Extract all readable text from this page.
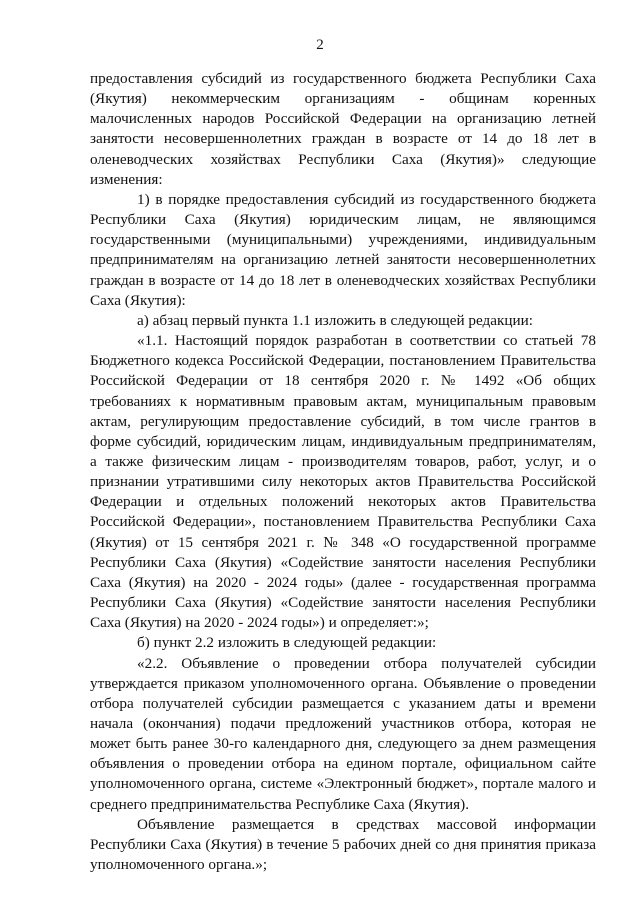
2

предоставления субсидий из государственного бюджета Республики Саха (Якутия) некоммерческим организациям - общинам коренных малочисленных народов Российской Федерации на организацию летней занятости несовершеннолетних граждан в возрасте от 14 до 18 лет в оленеводческих хозяйствах Республики Саха (Якутия)» следующие изменения:

1) в порядке предоставления субсидий из государственного бюджета Республики Саха (Якутия) юридическим лицам, не являющимся государственными (муниципальными) учреждениями, индивидуальным предпринимателям на организацию летней занятости несовершеннолетних граждан в возрасте от 14 до 18 лет в оленеводческих хозяйствах Республики Саха (Якутия):

а) абзац первый пункта 1.1 изложить в следующей редакции:

«1.1. Настоящий порядок разработан в соответствии со статьей 78 Бюджетного кодекса Российской Федерации, постановлением Правительства Российской Федерации от 18 сентября 2020 г. № 1492 «Об общих требованиях к нормативным правовым актам, муниципальным правовым актам, регулирующим предоставление субсидий, в том числе грантов в форме субсидий, юридическим лицам, индивидуальным предпринимателям, а также физическим лицам - производителям товаров, работ, услуг, и о признании утратившими силу некоторых актов Правительства Российской Федерации и отдельных положений некоторых актов Правительства Российской Федерации», постановлением Правительства Республики Саха (Якутия) от 15 сентября 2021 г. № 348 «О государственной программе Республики Саха (Якутия) «Содействие занятости населения Республики Саха (Якутия) на 2020 - 2024 годы» (далее - государственная программа Республики Саха (Якутия) «Содействие занятости населения Республики Саха (Якутия) на 2020 - 2024 годы») и определяет:»;

б) пункт 2.2 изложить в следующей редакции:

«2.2. Объявление о проведении отбора получателей субсидии утверждается приказом уполномоченного органа. Объявление о проведении отбора получателей субсидии размещается с указанием даты и времени начала (окончания) подачи предложений участников отбора, которая не может быть ранее 30-го календарного дня, следующего за днем размещения объявления о проведении отбора на едином портале, официальном сайте уполномоченного органа, системе «Электронный бюджет», портале малого и среднего предпринимательства Республике Саха (Якутия).

Объявление размещается в средствах массовой информации Республики Саха (Якутия) в течение 5 рабочих дней со дня принятия приказа уполномоченного органа.»;
